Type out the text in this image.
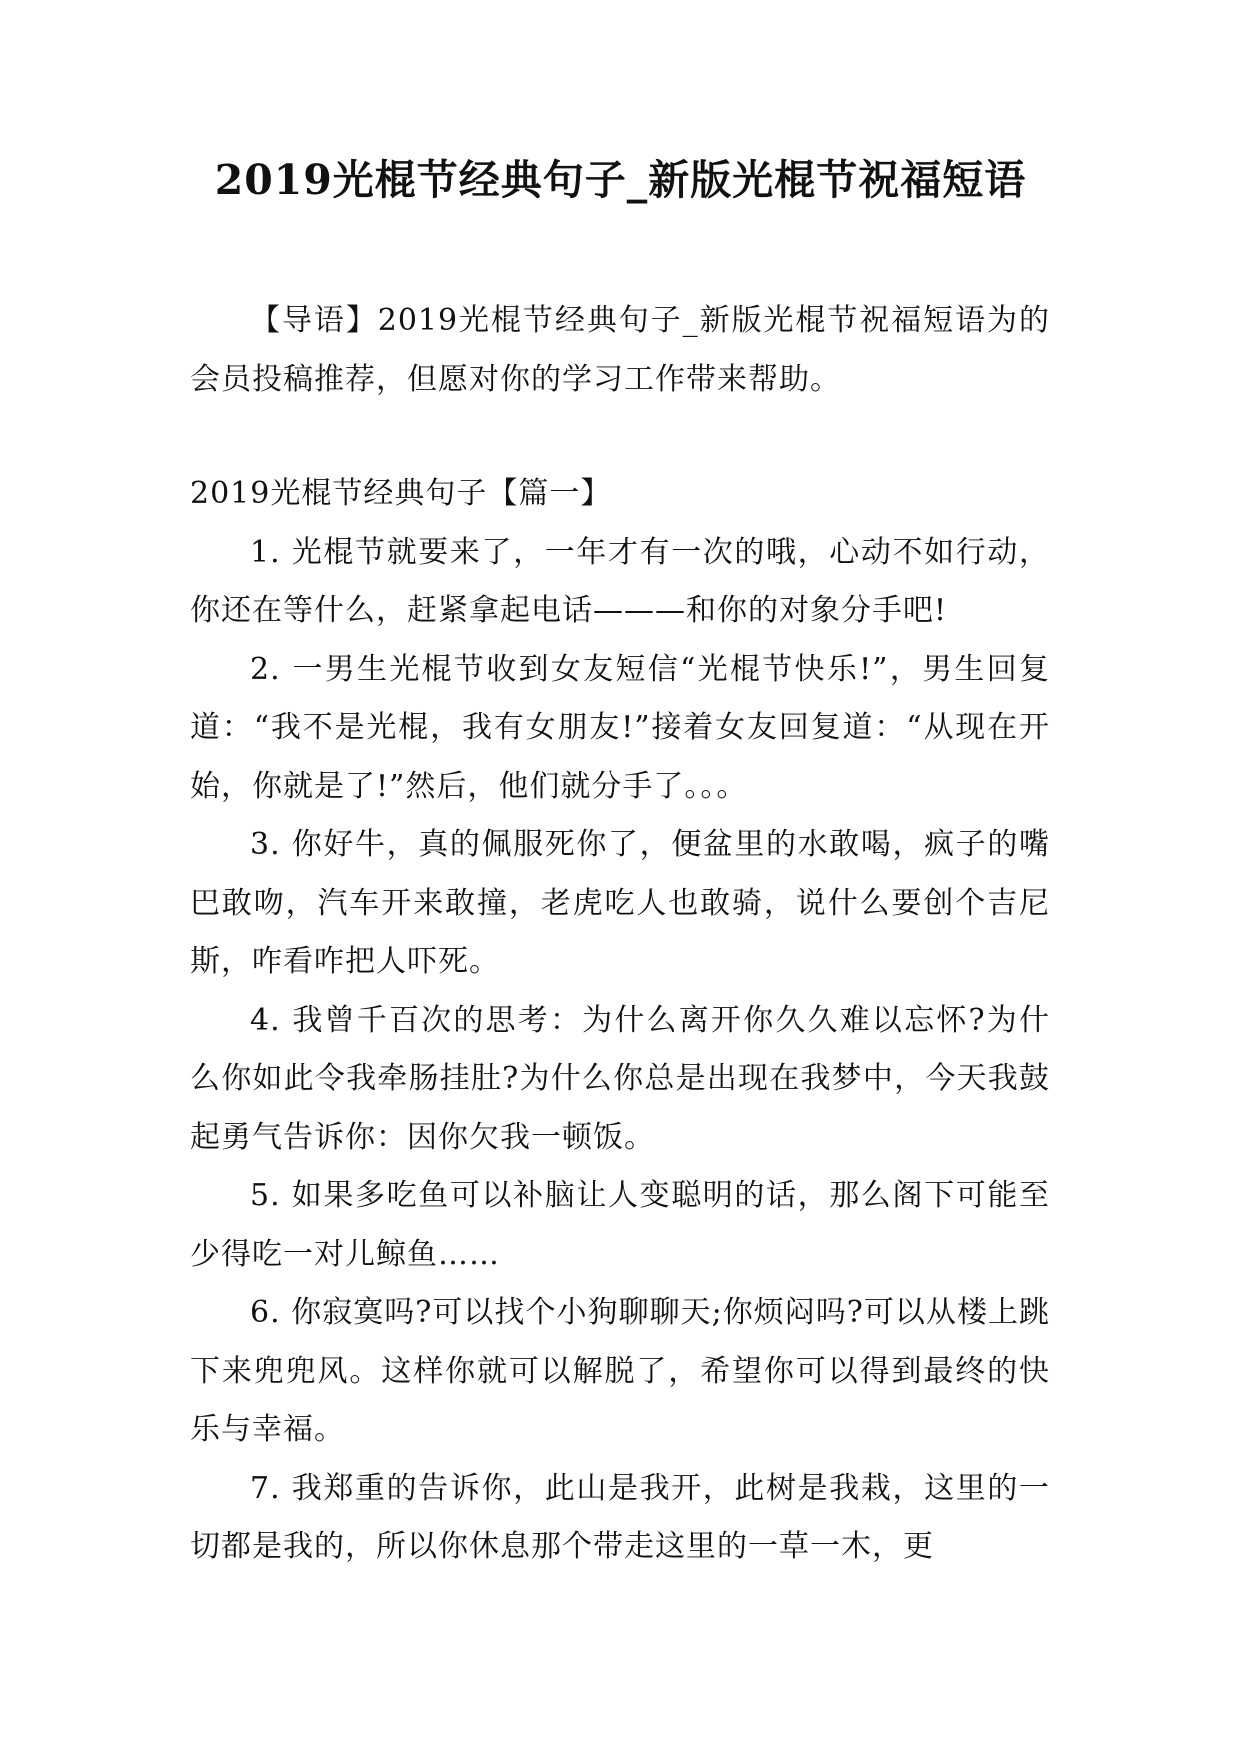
2019光棍节经典句子_新版光棍节祝福短语

【导语】2019光棍节经典句子_新版光棍节祝福短语为的会员投稿推荐，但愿对你的学习工作带来帮助。

2019光棍节经典句子【篇一】

1. 光棍节就要来了，一年才有一次的哦，心动不如行动，你还在等什么，赶紧拿起电话———和你的对象分手吧!

2. 一男生光棍节收到女友短信“光棍节快乐!”，男生回复道：“我不是光棍，我有女朋友!”接着女友回复道：“从现在开始，你就是了!”然后，他们就分手了。。。

3. 你好牛，真的佩服死你了，便盆里的水敢喝，疯子的嘴巴敢吻，汽车开来敢撞，老虎吃人也敢骑，说什么要创个吉尼斯，咋看咋把人吓死。

4. 我曾千百次的思考：为什么离开你久久难以忘怀?为什么你如此令我牵肠挂肚?为什么你总是出现在我梦中，今天我鼓起勇气告诉你：因你欠我一顿饭。

5. 如果多吃鱼可以补脑让人变聪明的话，那么阁下可能至少得吃一对儿鲸鱼……

6. 你寂寞吗?可以找个小狗聊聊天;你烦闷吗?可以从楼上跳下来兜兜风。这样你就可以解脱了，希望你可以得到最终的快乐与幸福。

7. 我郑重的告诉你，此山是我开，此树是我栽，这里的一切都是我的，所以你休息那个带走这里的一草一木，更
